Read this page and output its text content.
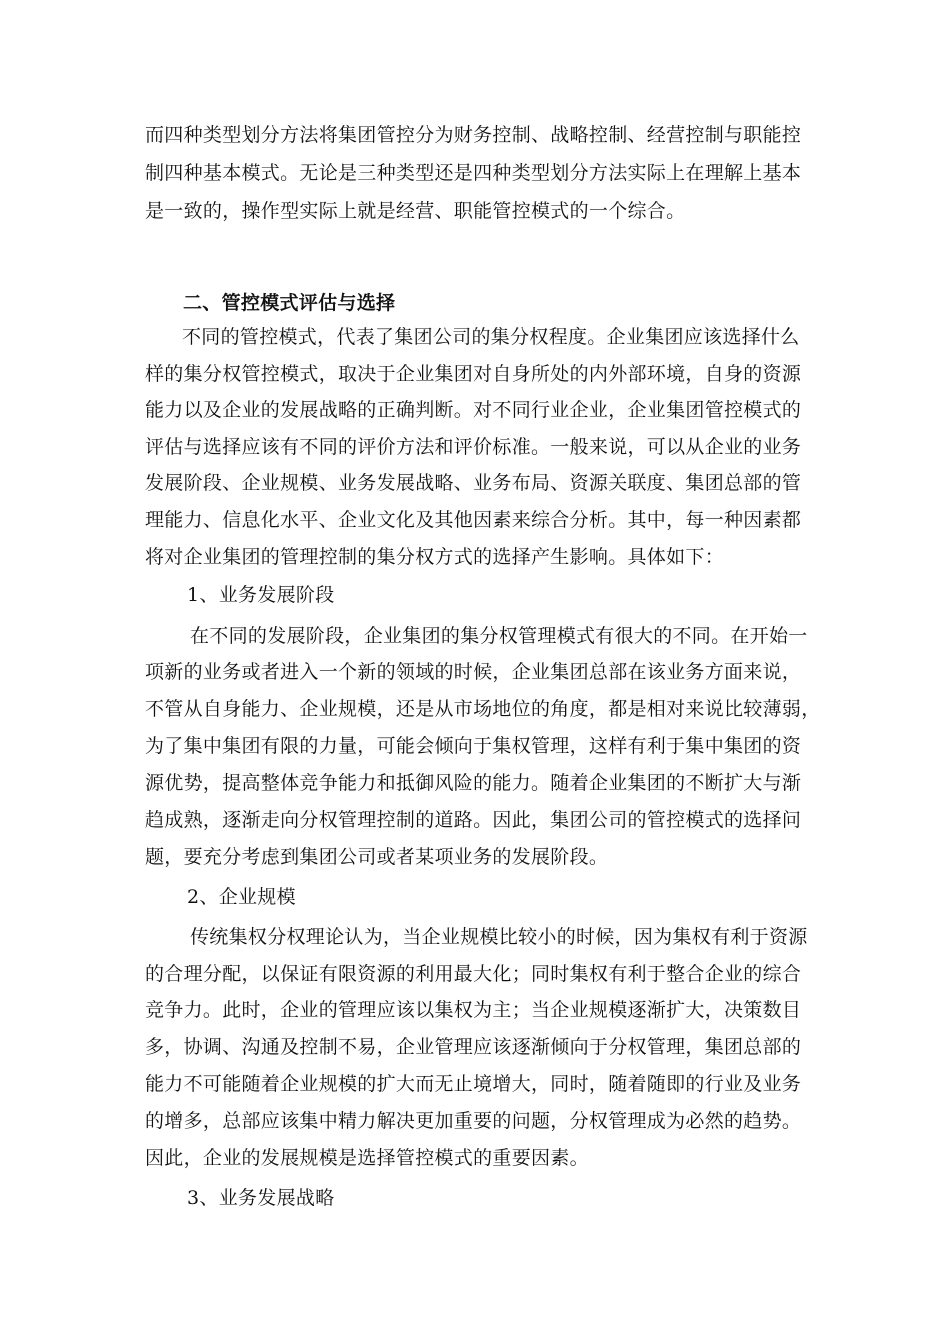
而四种类型划分方法将集团管控分为财务控制、战略控制、经营控制与职能控
制四种基本模式。无论是三种类型还是四种类型划分方法实际上在理解上基本
是一致的，操作型实际上就是经营、职能管控模式的一个综合。
二、管控模式评估与选择
不同的管控模式，代表了集团公司的集分权程度。企业集团应该选择什么
样的集分权管控模式，取决于企业集团对自身所处的内外部环境，自身的资源
能力以及企业的发展战略的正确判断。对不同行业企业，企业集团管控模式的
评估与选择应该有不同的评价方法和评价标准。一般来说，可以从企业的业务
发展阶段、企业规模、业务发展战略、业务布局、资源关联度、集团总部的管
理能力、信息化水平、企业文化及其他因素来综合分析。其中，每一种因素都
将对企业集团的管理控制的集分权方式的选择产生影响。具体如下：
1、业务发展阶段
在不同的发展阶段，企业集团的集分权管理模式有很大的不同。在开始一
项新的业务或者进入一个新的领域的时候，企业集团总部在该业务方面来说，
不管从自身能力、企业规模，还是从市场地位的角度，都是相对来说比较薄弱，
为了集中集团有限的力量，可能会倾向于集权管理，这样有利于集中集团的资
源优势，提高整体竞争能力和抵御风险的能力。随着企业集团的不断扩大与渐
趋成熟，逐渐走向分权管理控制的道路。因此，集团公司的管控模式的选择问
题，要充分考虑到集团公司或者某项业务的发展阶段。
2、企业规模
传统集权分权理论认为，当企业规模比较小的时候，因为集权有利于资源
的合理分配，以保证有限资源的利用最大化；同时集权有利于整合企业的综合
竞争力。此时，企业的管理应该以集权为主；当企业规模逐渐扩大，决策数目
多，协调、沟通及控制不易，企业管理应该逐渐倾向于分权管理，集团总部的
能力不可能随着企业规模的扩大而无止境增大，同时，随着随即的行业及业务
的增多，总部应该集中精力解决更加重要的问题，分权管理成为必然的趋势。
因此，企业的发展规模是选择管控模式的重要因素。
3、业务发展战略
